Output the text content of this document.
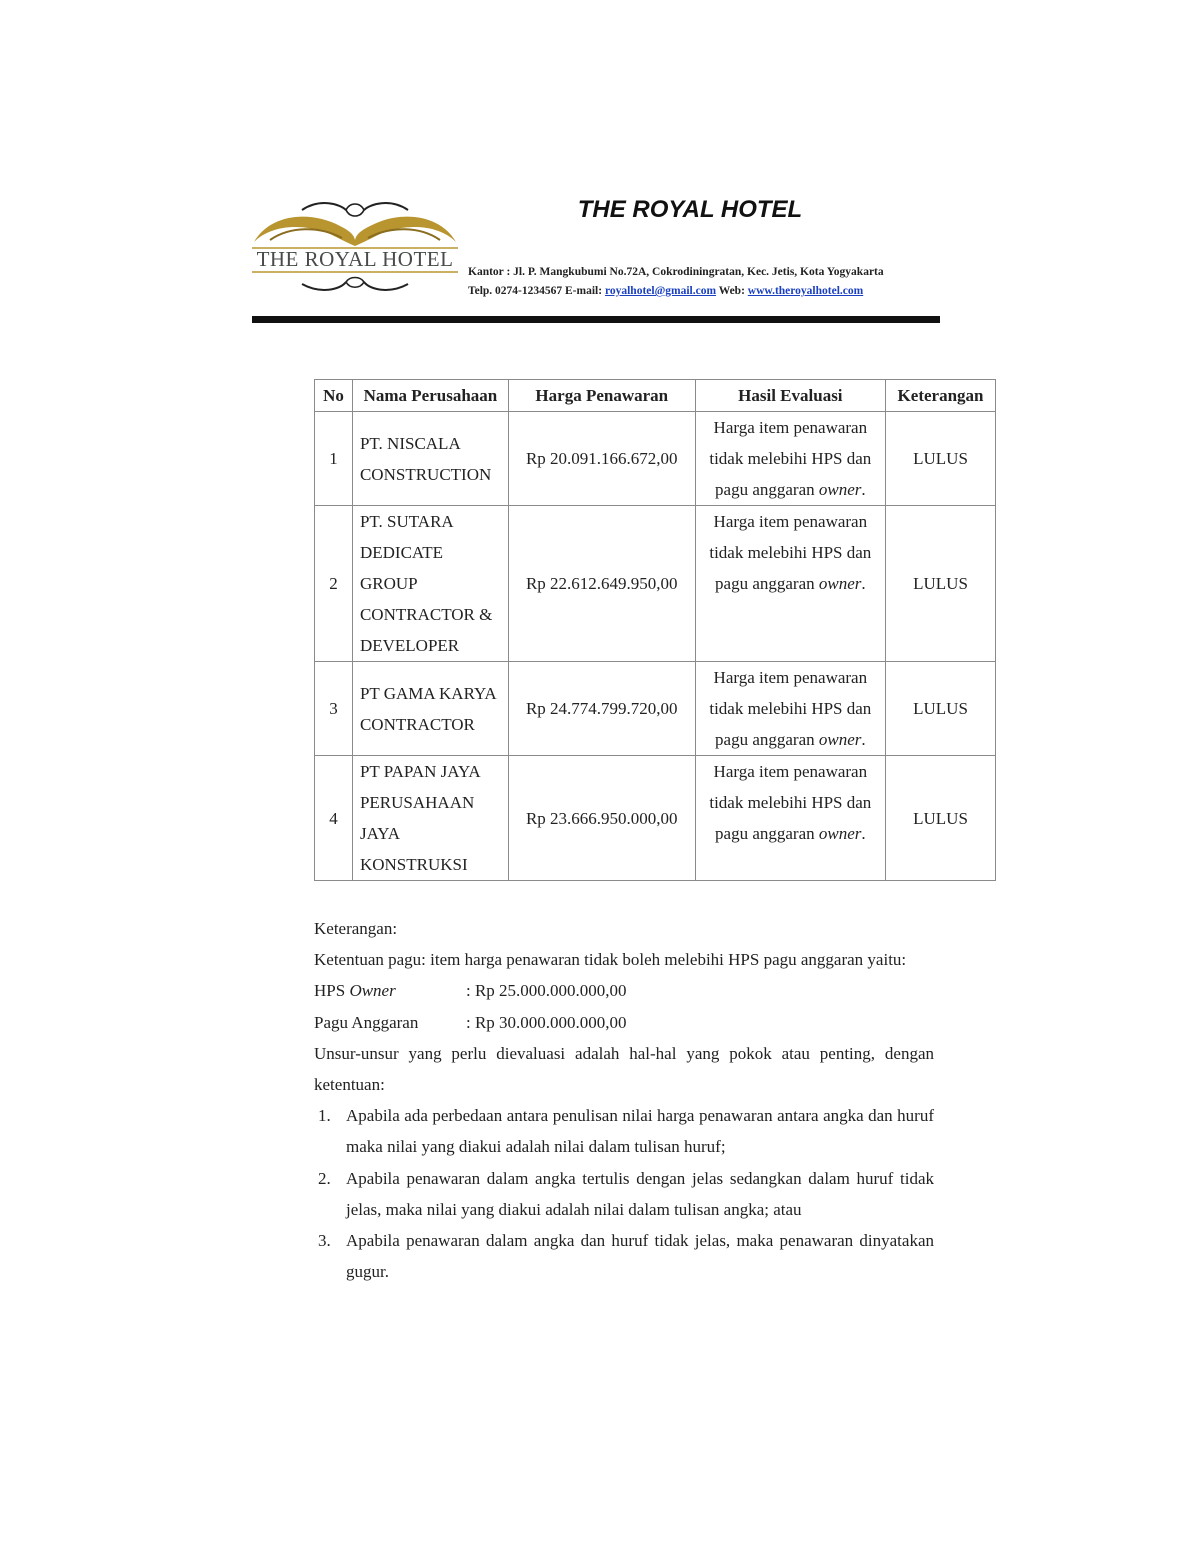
THE ROYAL HOTEL
THE ROYAL HOTEL
Kantor : Jl. P. Mangkubumi No.72A, Cokrodiningratan, Kec. Jetis, Kota Yogyakarta
Telp. 0274-1234567 E-mail: royalhotel@gmail.com Web: www.theroyalhotel.com
No	Nama Perusahaan	Harga Penawaran	Hasil Evaluasi	Keterangan
1	PT. NISCALA CONSTRUCTION	Rp 20.091.166.672,00	Harga item penawaran tidak melebihi HPS dan pagu anggaran owner.	LULUS
2	PT. SUTARA DEDICATE GROUP CONTRACTOR & DEVELOPER	Rp 22.612.649.950,00	Harga item penawaran tidak melebihi HPS dan pagu anggaran owner.	LULUS
3	PT GAMA KARYA CONTRACTOR	Rp 24.774.799.720,00	Harga item penawaran tidak melebihi HPS dan pagu anggaran owner.	LULUS
4	PT PAPAN JAYA PERUSAHAAN JAYA KONSTRUKSI	Rp 23.666.950.000,00	Harga item penawaran tidak melebihi HPS dan pagu anggaran owner.	LULUS

Keterangan:

Ketentuan pagu: item harga penawaran tidak boleh melebihi HPS pagu anggaran yaitu:

HPS Owner	: Rp 25.000.000.000,00
Pagu Anggaran	: Rp 30.000.000.000,00

Unsur-unsur yang perlu dievaluasi adalah hal-hal yang pokok atau penting, dengan ketentuan:

1. Apabila ada perbedaan antara penulisan nilai harga penawaran antara angka dan huruf maka nilai yang diakui adalah nilai dalam tulisan huruf;
2. Apabila penawaran dalam angka tertulis dengan jelas sedangkan dalam huruf tidak jelas, maka nilai yang diakui adalah nilai dalam tulisan angka; atau
3. Apabila penawaran dalam angka dan huruf tidak jelas, maka penawaran dinyatakan gugur.
